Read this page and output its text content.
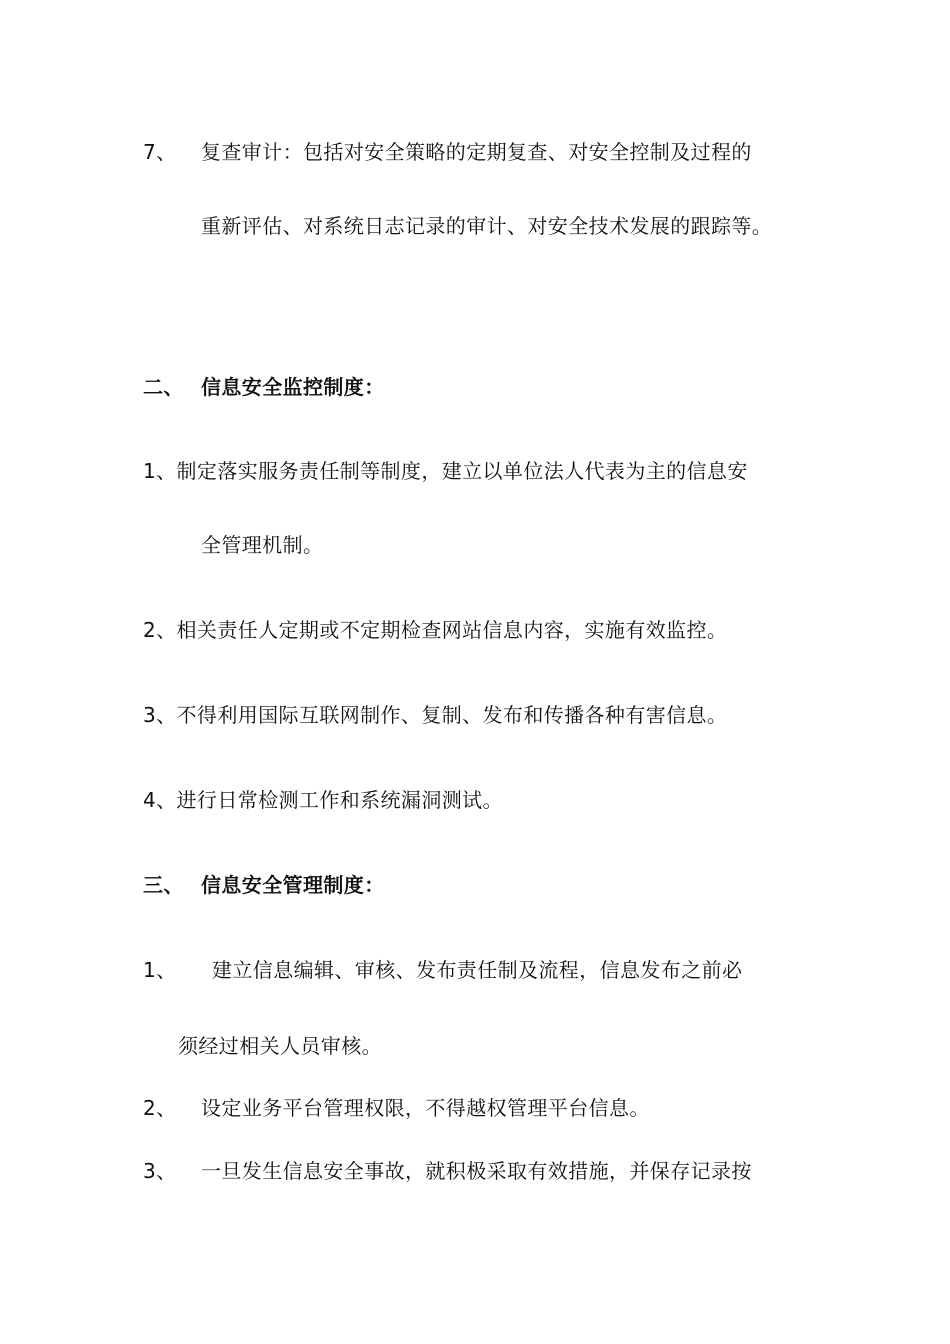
7、 复查审计：包括对安全策略的定期复查、对安全控制及过程的
重新评估、对系统日志记录的审计、对安全技术发展的跟踪等。
二、 信息安全监控制度：
1、制定落实服务责任制等制度，建立以单位法人代表为主的信息安
全管理机制。
2、相关责任人定期或不定期检查网站信息内容，实施有效监控。
3、不得利用国际互联网制作、复制、发布和传播各种有害信息。
4、进行日常检测工作和系统漏洞测试。
三、 信息安全管理制度：
1、 建立信息编辑、审核、发布责任制及流程，信息发布之前必
须经过相关人员审核。
2、 设定业务平台管理权限，不得越权管理平台信息。
3、 一旦发生信息安全事故，就积极采取有效措施，并保存记录按
